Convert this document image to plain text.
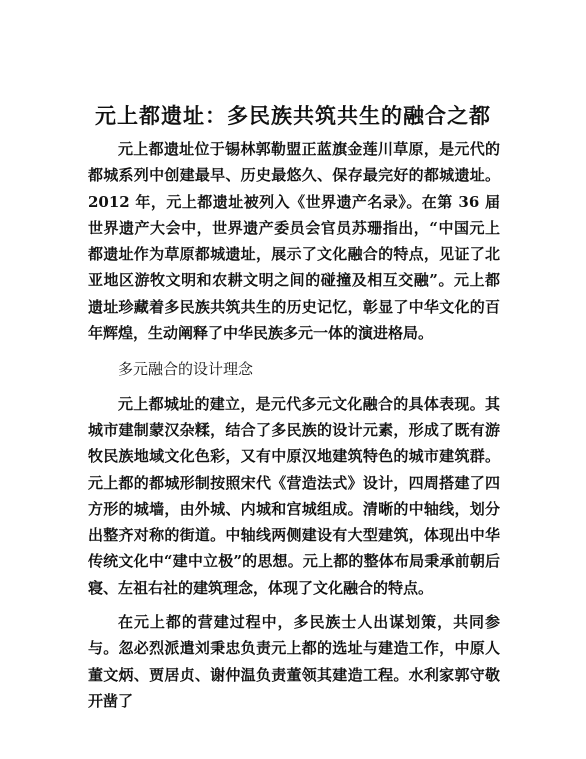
元上都遗址：多民族共筑共生的融合之都

元上都遗址位于锡林郭勒盟正蓝旗金莲川草原，是元代的都城系列中创建最早、历史最悠久、保存最完好的都城遗址。2012 年，元上都遗址被列入《世界遗产名录》。在第 36 届世界遗产大会中，世界遗产委员会官员苏珊指出，“中国元上都遗址作为草原都城遗址，展示了文化融合的特点，见证了北亚地区游牧文明和农耕文明之间的碰撞及相互交融”。元上都遗址珍藏着多民族共筑共生的历史记忆，彰显了中华文化的百年辉煌，生动阐释了中华民族多元一体的演进格局。

多元融合的设计理念

元上都城址的建立，是元代多元文化融合的具体表现。其城市建制蒙汉杂糅，结合了多民族的设计元素，形成了既有游牧民族地域文化色彩，又有中原汉地建筑特色的城市建筑群。元上都的都城形制按照宋代《营造法式》设计，四周搭建了四方形的城墙，由外城、内城和宫城组成。清晰的中轴线，划分出整齐对称的街道。中轴线两侧建设有大型建筑，体现出中华传统文化中“建中立极”的思想。元上都的整体布局秉承前朝后寝、左祖右社的建筑理念，体现了文化融合的特点。

在元上都的营建过程中，多民族士人出谋划策，共同参与。忽必烈派遣刘秉忠负责元上都的选址与建造工作，中原人董文炳、贾居贞、谢仲温负责董领其建造工程。水利家郭守敬开凿了
